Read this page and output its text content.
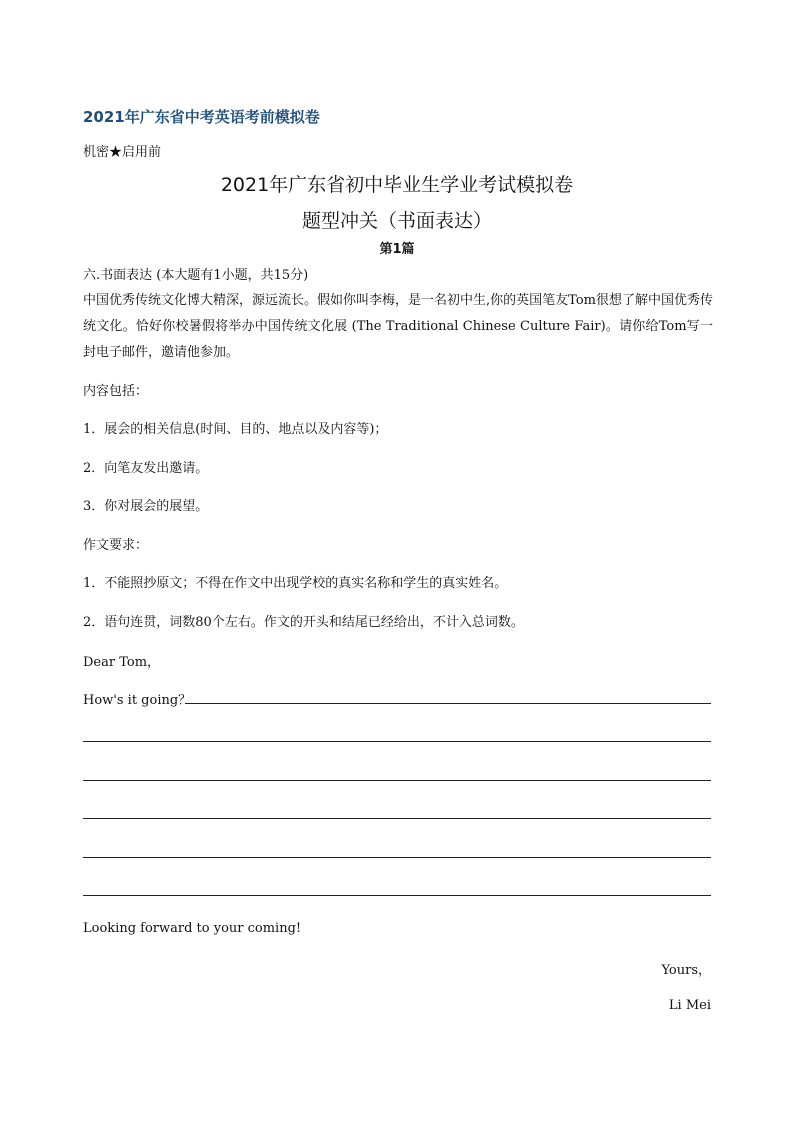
2021年广东省中考英语考前模拟卷
机密★启用前
2021年广东省初中毕业生学业考试模拟卷
题型冲关（书面表达）
第1篇
六.书面表达 (本大题有1小题，共15分)
中国优秀传统文化博大精深，源远流长。假如你叫李梅，是一名初中生,你的英国笔友Tom很想了解中国优秀传统文化。恰好你校暑假将举办中国传统文化展 (The Traditional Chinese Culture Fair)。请你给Tom写一封电子邮件，邀请他参加。
内容包括：
1．展会的相关信息(时间、目的、地点以及内容等)；
2．向笔友发出邀请。
3．你对展会的展望。
作文要求：
1．不能照抄原文；不得在作文中出现学校的真实名称和学生的真实姓名。
2．语句连贯，词数80个左右。作文的开头和结尾已经给出，不计入总词数。
Dear Tom，
How's it going？
Looking forward to your coming!
Yours，
Li Mei
